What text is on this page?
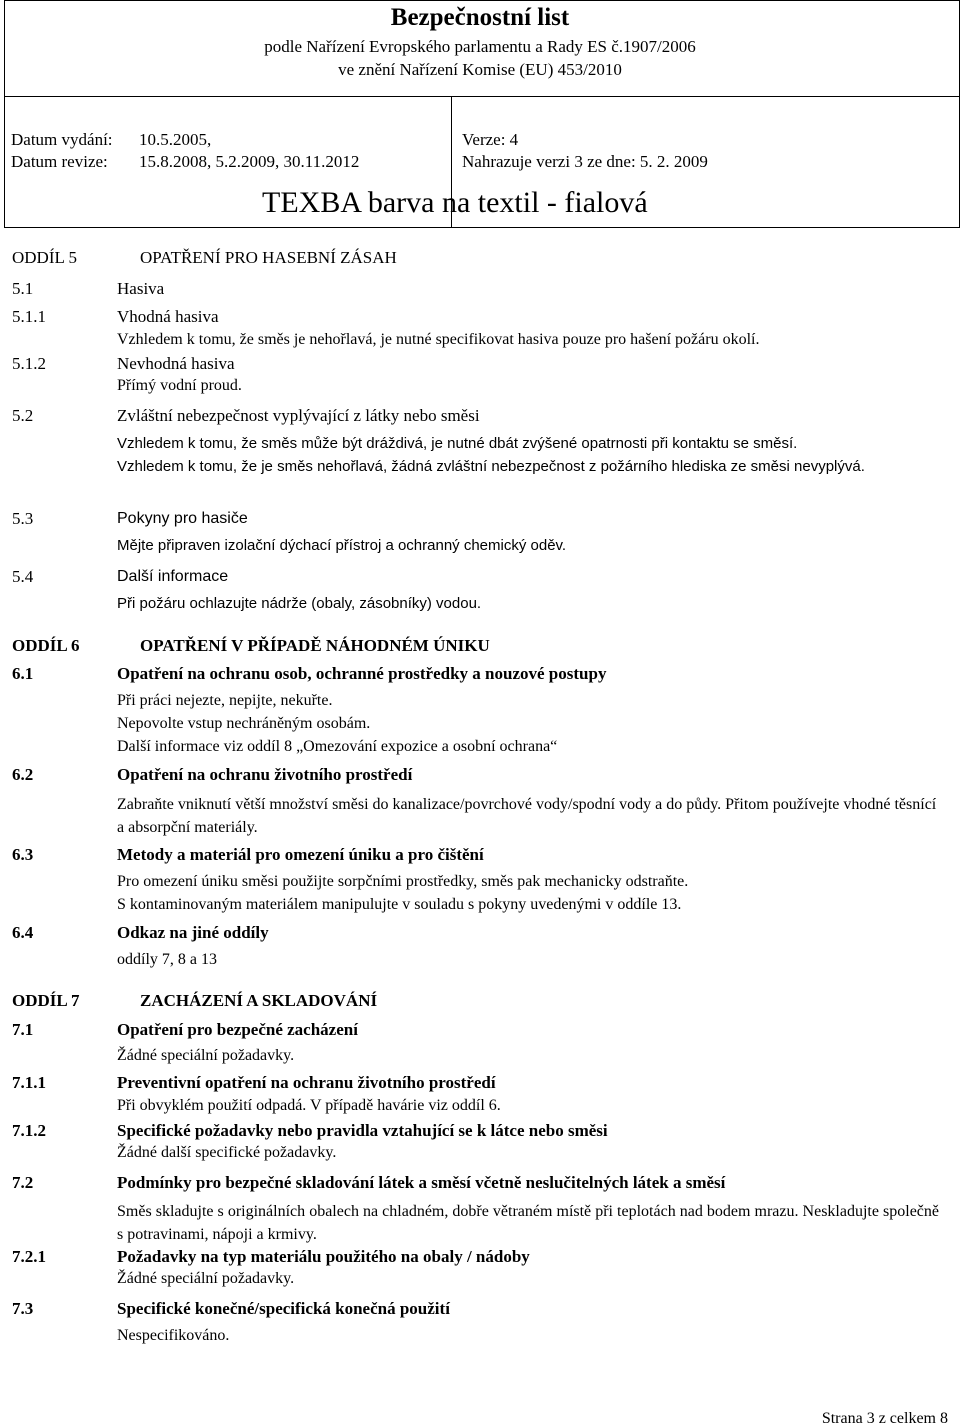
Bezpečnostní list
podle Nařízení Evropského parlamentu a Rady ES č.1907/2006
ve znění Nařízení Komise (EU) 453/2010
Datum vydání: 10.5.2005,
Datum revize: 15.8.2008, 5.2.2009, 30.11.2012
Verze: 4
Nahrazuje verzi 3 ze dne: 5. 2. 2009
TEXBA barva na textil - fialová
ODDÍL 5	OPATŘENÍ PRO HASEBNÍ ZÁSAH
5.1	Hasiva
5.1.1	Vhodná hasiva
Vzhledem k tomu, že směs je nehořlavá, je nutné specifikovat hasiva pouze pro hašení požáru okolí.
5.1.2	Nevhodná hasiva
Přímý vodní proud.
5.2	Zvláštní nebezpečnost vyplývající z látky nebo směsi
Vzhledem k tomu, že směs může být dráždivá, je nutné dbát zvýšené opatrnosti při kontaktu se směsí.
Vzhledem k tomu, že je směs nehořlavá, žádná zvláštní nebezpečnost z požárního hlediska ze směsi nevyplývá.
5.3	Pokyny pro hasiče
Mějte připraven izolační dýchací přístroj a ochranný chemický oděv.
5.4	Další informace
Při požáru ochlazujte nádrže (obaly, zásobníky) vodou.
ODDÍL 6	OPATŘENÍ V PŘÍPADĚ NÁHODNÉM ÚNIKU
6.1	Opatření na ochranu osob, ochranné prostředky a nouzové postupy
Při práci nejezte, nepijte, nekuřte.
Nepovolte vstup nechráněným osobám.
Další informace viz oddíl 8 „Omezování expozice a osobní ochrana“
6.2	Opatření na ochranu životního prostředí
Zabraňte vniknutí větší množství směsi do kanalizace/povrchové vody/spodní vody a do půdy. Přitom používejte vhodné těsnící a absorpční materiály.
6.3	Metody a materiál pro omezení úniku a pro čištění
Pro omezení úniku směsi použijte sorpčními prostředky, směs pak mechanicky odstraňte.
S kontaminovaným materiálem manipulujte v souladu s pokyny uvedenými v oddíle 13.
6.4	Odkaz na jiné oddíly
oddíly 7, 8 a 13
ODDÍL 7	ZACHÁZENÍ A SKLADOVÁNÍ
7.1	Opatření pro bezpečné zacházení
Žádné speciální požadavky.
7.1.1	Preventivní opatření na ochranu životního prostředí
Při obvyklém použití odpadá. V případě havárie viz oddíl 6.
7.1.2	Specifické požadavky nebo pravidla vztahující se k látce nebo směsi
Žádné další specifické požadavky.
7.2	Podmínky pro bezpečné skladování látek a směsí včetně neslučitelných látek a směsí
Směs skladujte s originálních obalech na chladném, dobře větraném místě při teplotách nad bodem mrazu. Neskladujte společně s potravinami, nápoji a krmivy.
7.2.1	Požadavky na typ materiálu použitého na obaly / nádoby
Žádné speciální požadavky.
7.3	Specifické konečné/specifická konečná použití
Nespecifikováno.
Strana 3 z celkem 8
